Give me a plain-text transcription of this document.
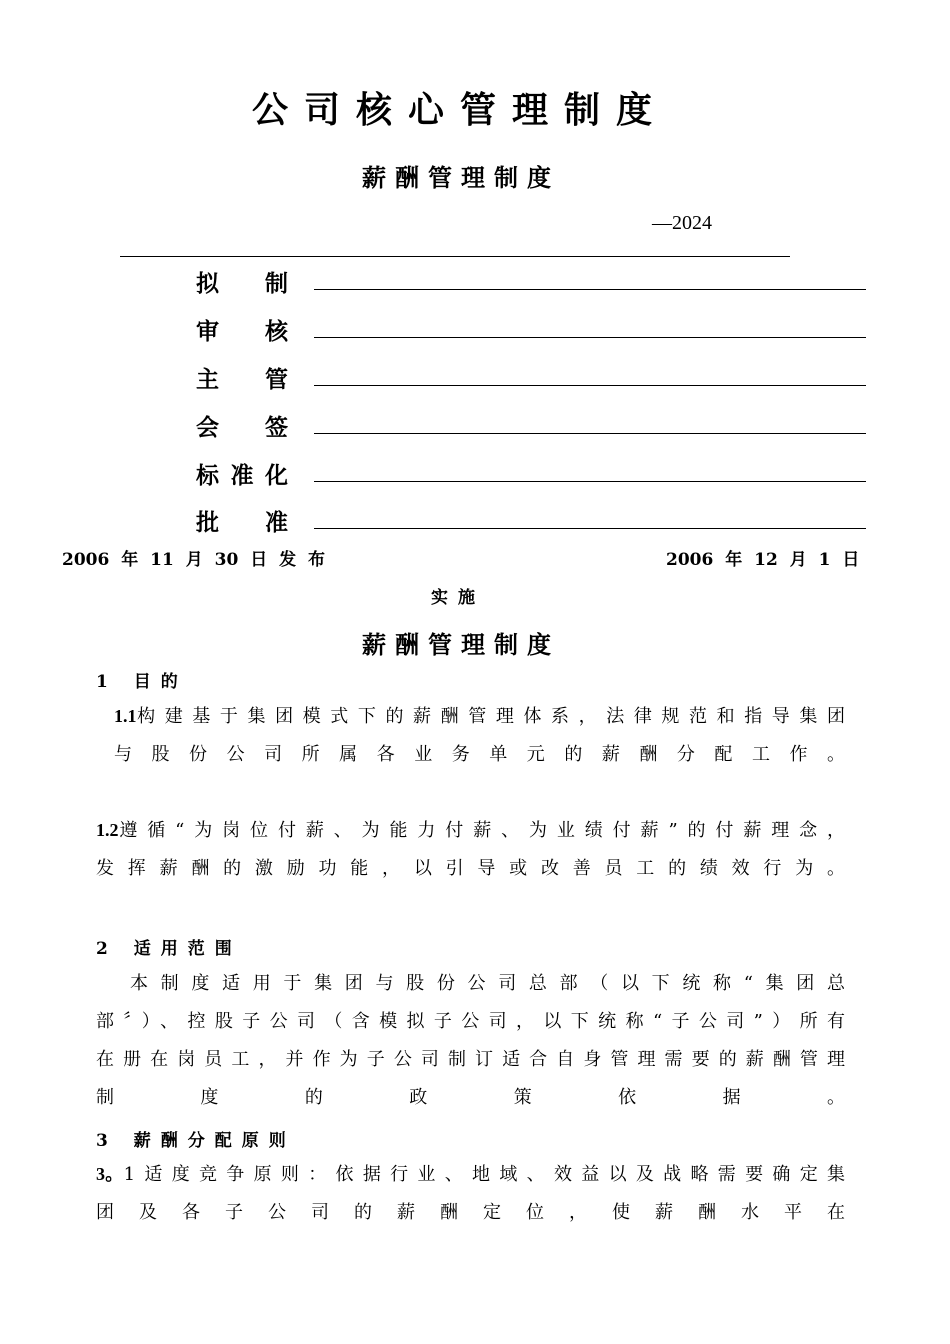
公司核心管理制度
薪酬管理制度
—2024
拟 制
审 核
主 管
会 签
标准化
批 准
2006 年 11 月 30 日 发 布	2006 年 12 月 1 日
实施
薪酬管理制度
1 目的
1.1构建基于集团模式下的薪酬管理体系，法律规范和指导集团与股份公司所属各业务单元的薪酬分配工作。
1.2遵循“为岗位付薪、为能力付薪、为业绩付薪”的付薪理念，发挥薪酬的激励功能，以引导或改善员工的绩效行为。
2 适用范围
本制度适用于集团与股份公司总部（以下统称“集团总部〞）、控股子公司（含模拟子公司，以下统称“子公司”）所有在册在岗员工，并作为子公司制订适合自身管理需要的薪酬管理制度的政策依据。
3 薪酬分配原则
3。1适度竞争原则：依据行业、地域、效益以及战略需要确定集团及各子公司的薪酬定位，使薪酬水平在
